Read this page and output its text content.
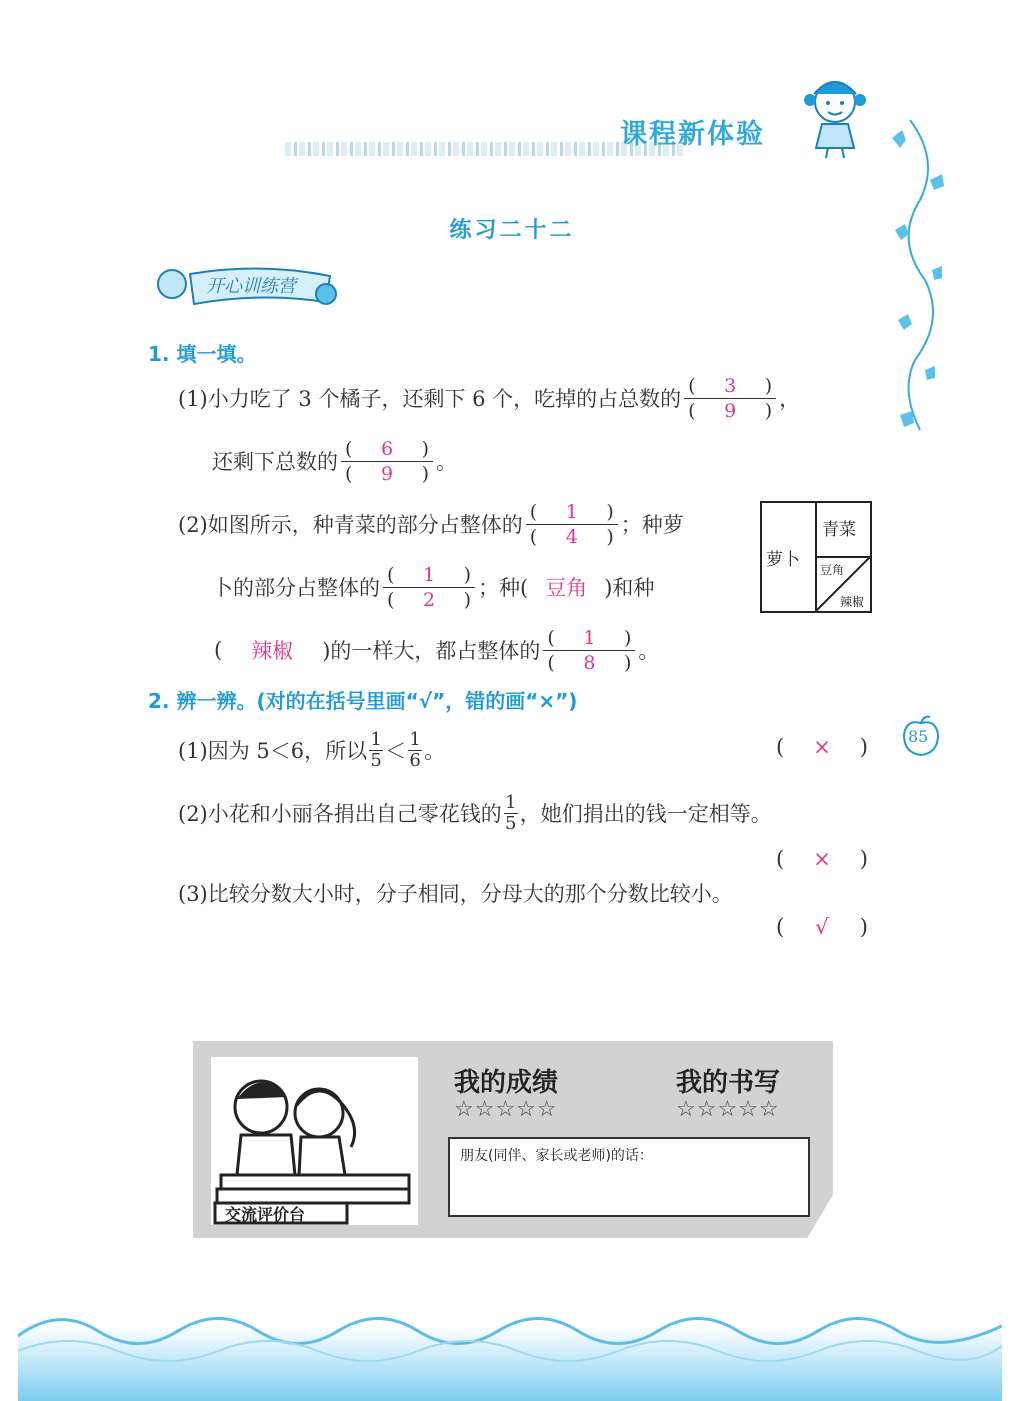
课程新体验
练习二十二
开心训练营
1. 填一填。
(1)小力吃了 3 个橘子，还剩下 6 个，吃掉的占总数的 $\frac{( 3 )}{( 9 )}$ ，
还剩下总数的 $\frac{( 6 )}{( 9 )}$ 。
(2)如图所示，种青菜的部分占整体的 $\frac{( 1 )}{( 4 )}$ ；种萝
卜的部分占整体的 $\frac{( 1 )}{( 2 )}$ ；种( 豆角 )和种
(	辣椒	)的一样大，都占整体的 $\frac{( 1 )}{( 8 )}$ 。
萝卜
青菜
豆角
辣椒
2. 辨一辨。(对的在括号里画“√”，错的画“×”)
85
(1)因为 5＜6，所以 1
5 ＜ 1
6 。	( × )
(2)小花和小丽各捐出自己零花钱的 1
5 ，她们捐出的钱一定相等。
( × )
(3)比较分数大小时，分子相同，分母大的那个分数比较小。
( √ )
交流评价台
我的成绩	我的书写
☆☆☆☆☆	☆☆☆☆☆
朋友(同伴、家长或老师)的话：
